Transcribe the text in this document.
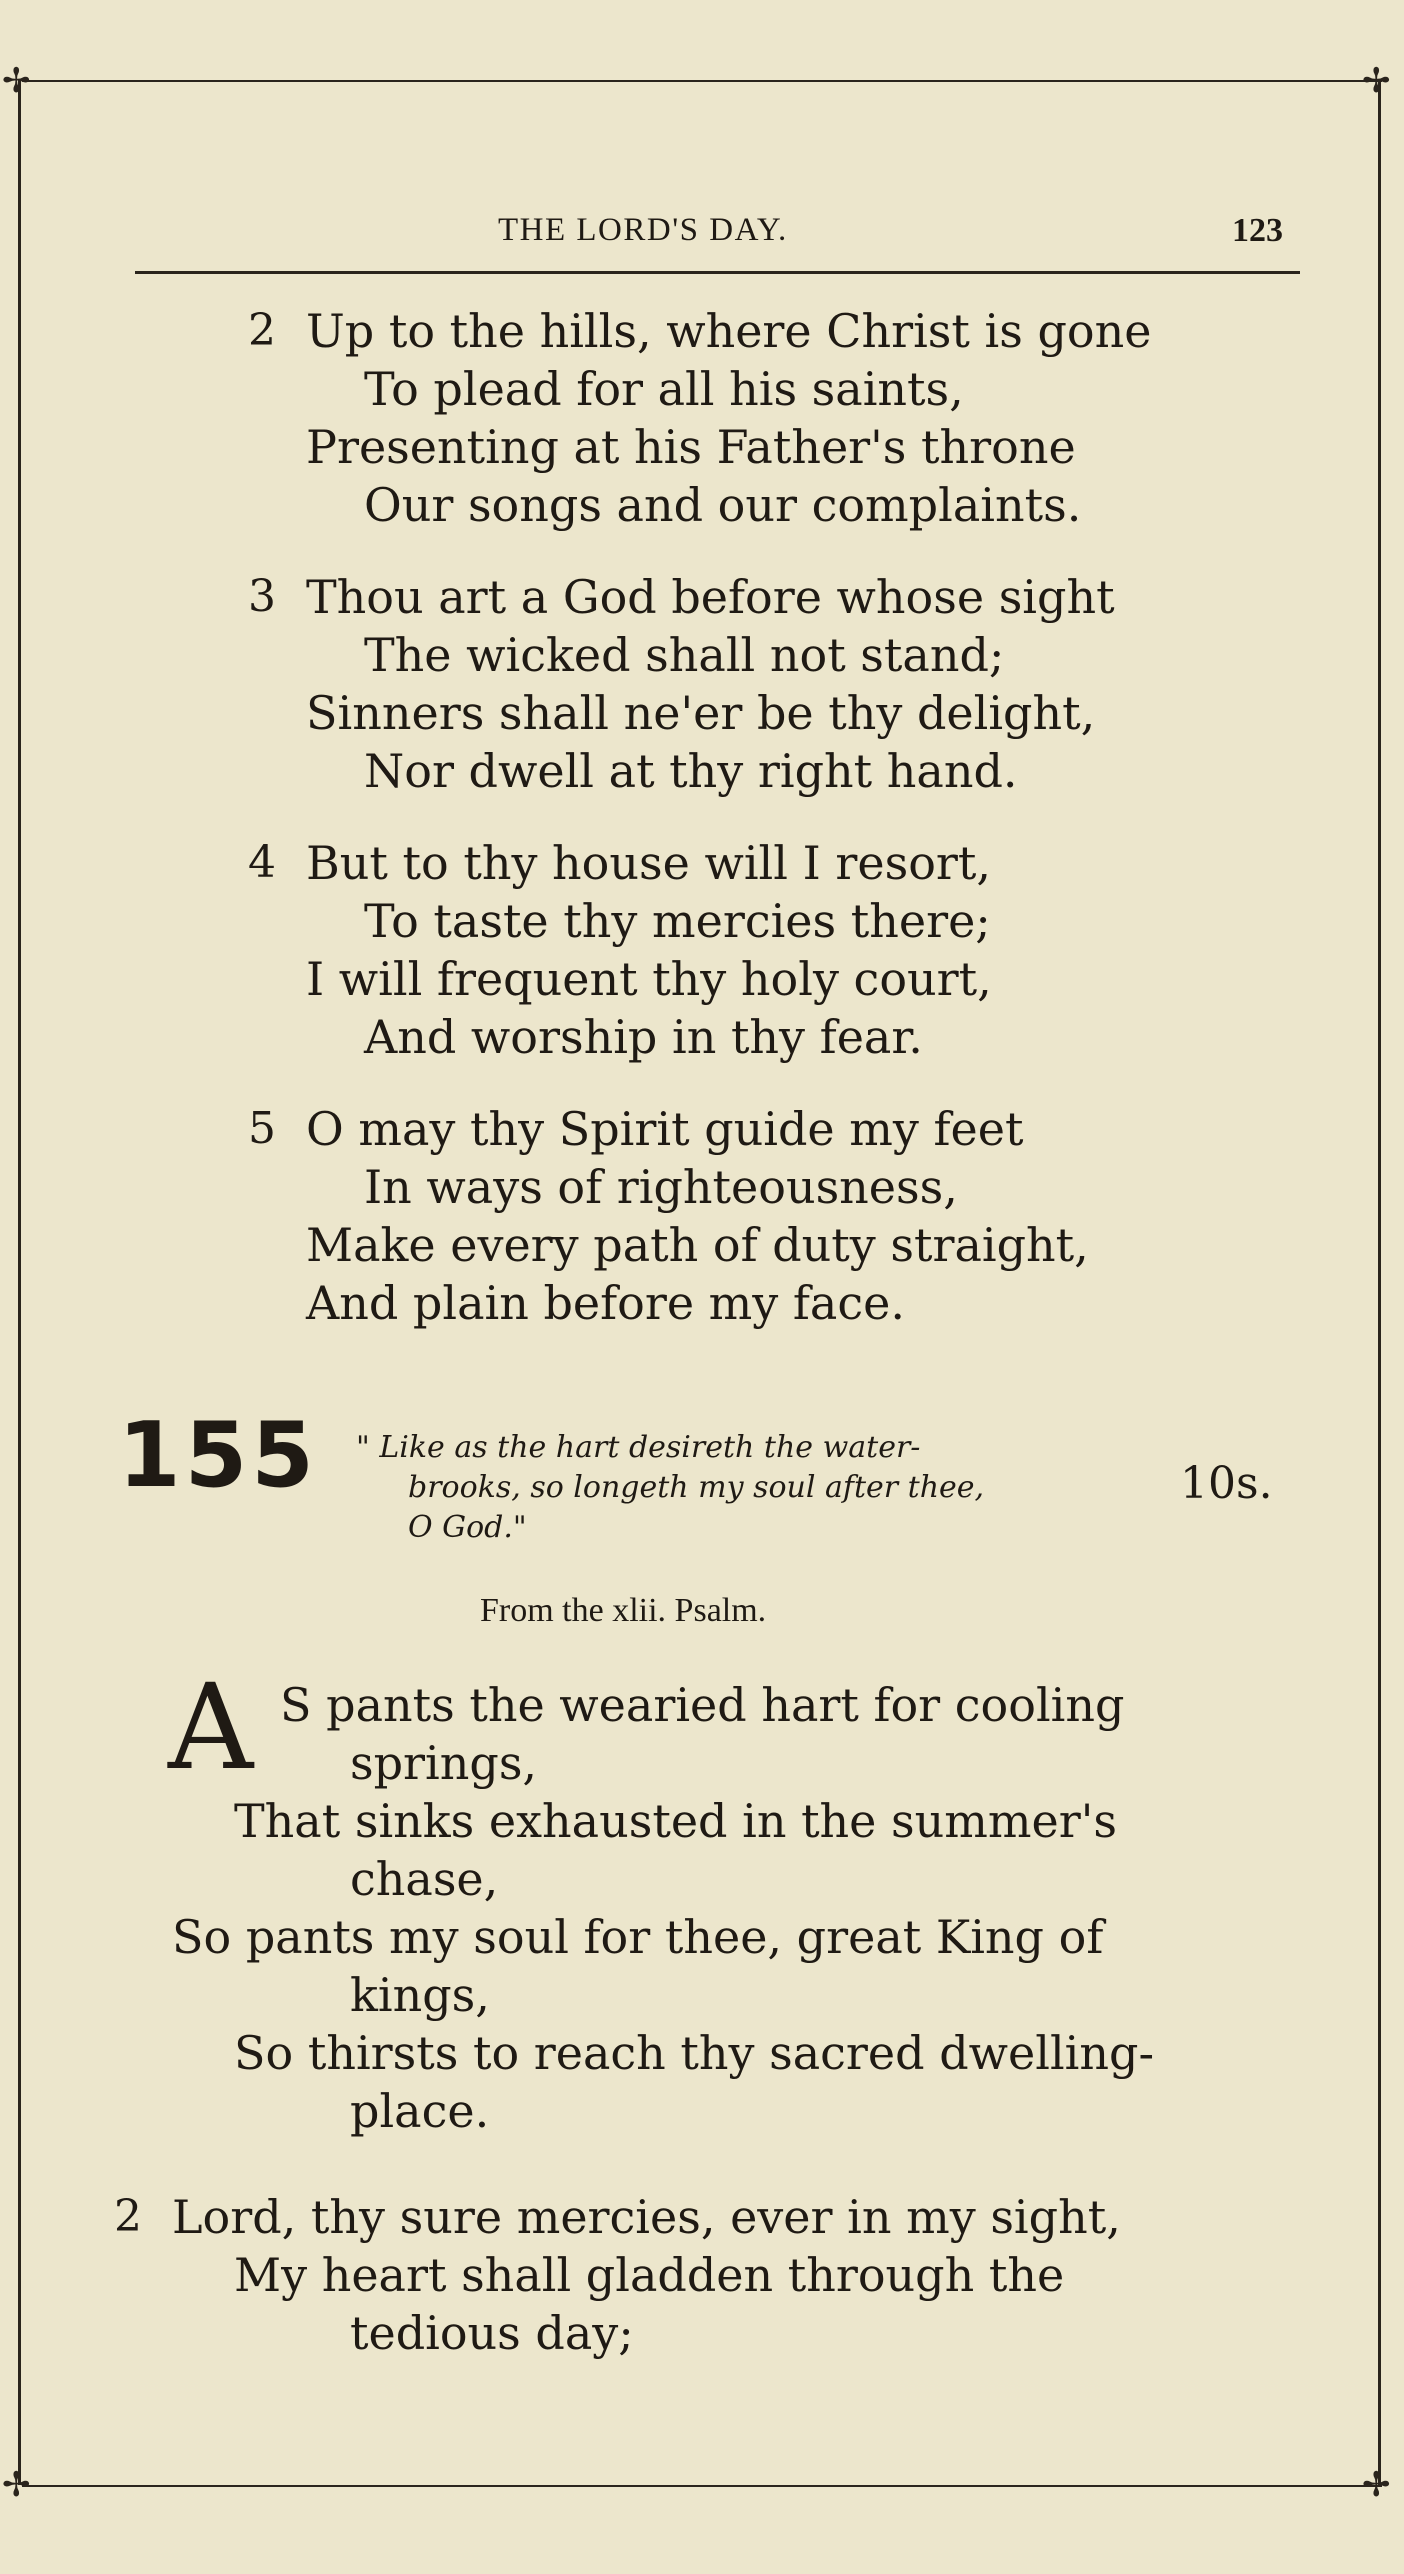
✢	✢
✢	✢
THE LORD'S DAY.	123
2 Up to the hills, where Christ is gone
To plead for all his saints,
Presenting at his Father's throne
Our songs and our complaints.
3 Thou art a God before whose sight
The wicked shall not stand;
Sinners shall ne'er be thy delight,
Nor dwell at thy right hand.
4 But to thy house will I resort,
To taste thy mercies there;
I will frequent thy holy court,
And worship in thy fear.
5 O may thy Spirit guide my feet
In ways of righteousness,
Make every path of duty straight,
And plain before my face.
155 " Like as the hart desireth the water-
brooks, so longeth my soul after thee,
O God."
10s.
From the xlii. Psalm.
A S pants the wearied hart for cooling
springs,
That sinks exhausted in the summer's
chase,
So pants my soul for thee, great King of
kings,
So thirsts to reach thy sacred dwelling-
place.
2 Lord, thy sure mercies, ever in my sight,
My heart shall gladden through the
tedious day;
